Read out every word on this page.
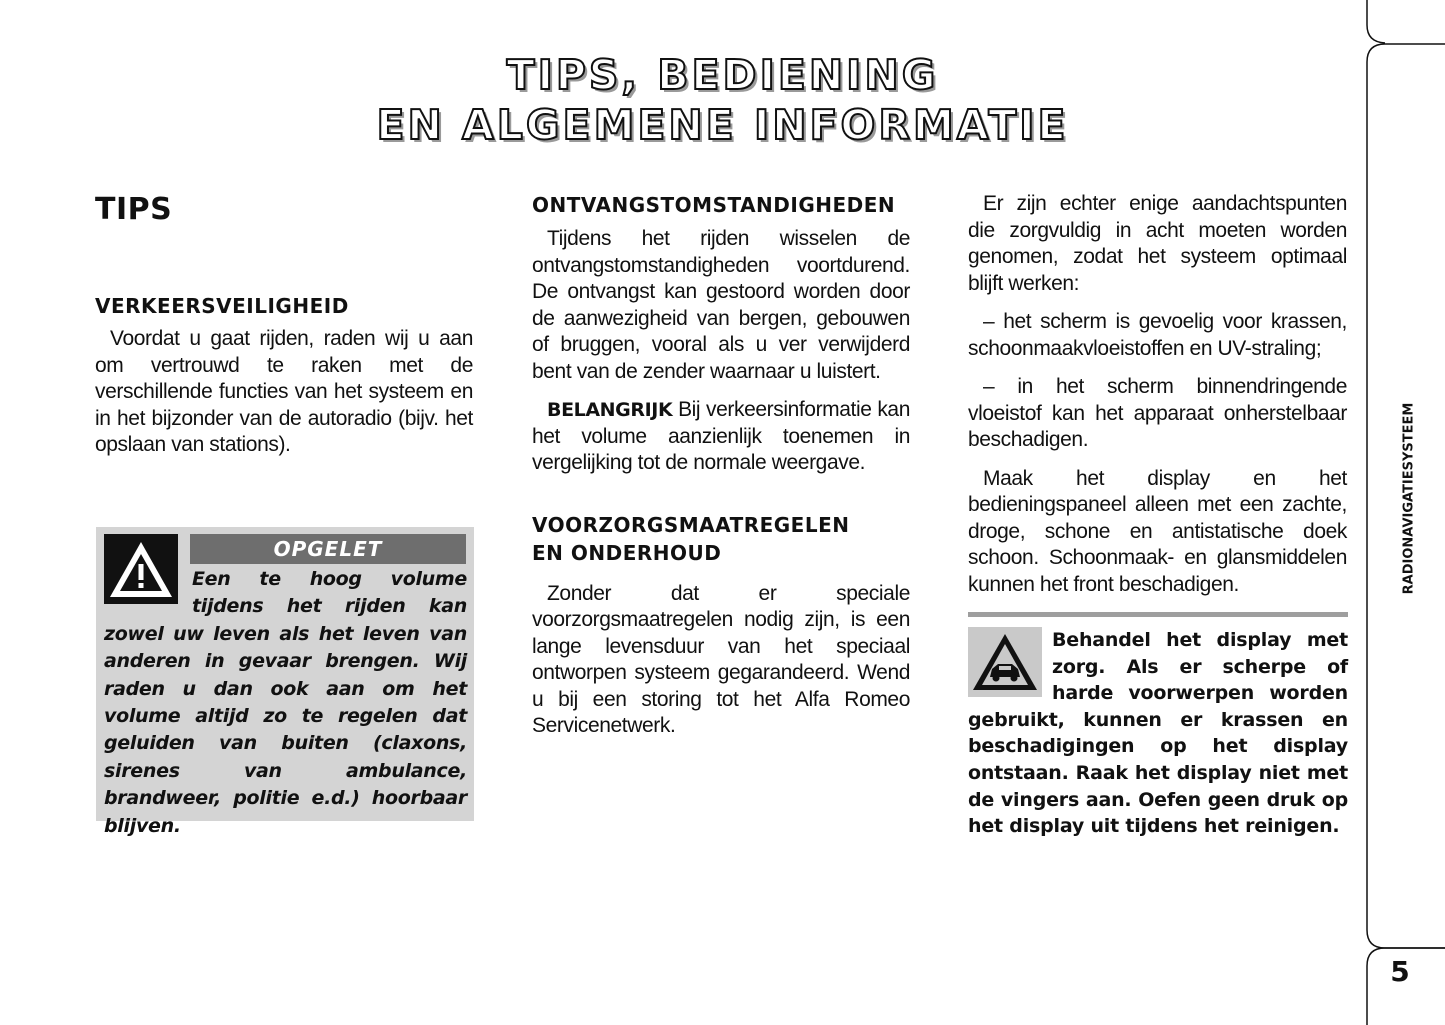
TIPS, BEDIENING
EN ALGEMENE INFORMATIE
TIPS
VERKEERSVEILIGHEID

Voordat u gaat rijden, raden wij u aan om vertrouwd te raken met de verschillende functies van het systeem en in het bijzonder van de autoradio (bijv. het opslaan van stations).

OPGELET

Een te hoog volume tijdens het rijden kan zowel uw leven als het leven van anderen in gevaar brengen. Wij raden u dan ook aan om het volume altijd zo te regelen dat geluiden van buiten (claxons, sirenes van ambulance, brandweer, politie e.d.) hoorbaar blijven.

ONTVANGSTOMSTANDIGHEDEN

Tijdens het rijden wisselen de ontvangstomstandigheden voortdurend. De ontvangst kan gestoord worden door de aanwezigheid van bergen, gebouwen of bruggen, vooral als u ver verwijderd bent van de zender waarnaar u luistert.

BELANGRIJK Bij verkeersinformatie kan het volume aanzienlijk toenemen in vergelijking tot de normale weergave.

VOORZORGSMAATREGELEN
EN ONDERHOUD

Zonder dat er speciale voorzorgsmaatregelen nodig zijn, is een lange levensduur van het speciaal ontworpen systeem gegarandeerd. Wend u bij een storing tot het Alfa Romeo Servicenetwerk.

Er zijn echter enige aandachtspunten die zorgvuldig in acht moeten worden genomen, zodat het systeem optimaal blijft werken:

– het scherm is gevoelig voor krassen, schoonmaakvloeistoffen en UV-straling;

– in het scherm binnendringende vloeistof kan het apparaat onherstelbaar beschadigen.

Maak het display en het bedieningspaneel alleen met een zachte, droge, schone en antistatische doek schoon. Schoonmaak- en glansmiddelen kunnen het front beschadigen.

Behandel het display met zorg. Als er scherpe of harde voorwerpen worden gebruikt, kunnen er krassen en beschadigingen op het display ontstaan. Raak het display niet met de vingers aan. Oefen geen druk op het display uit tijdens het reinigen.

RADIONAVIGATIESYSTEEM
5
